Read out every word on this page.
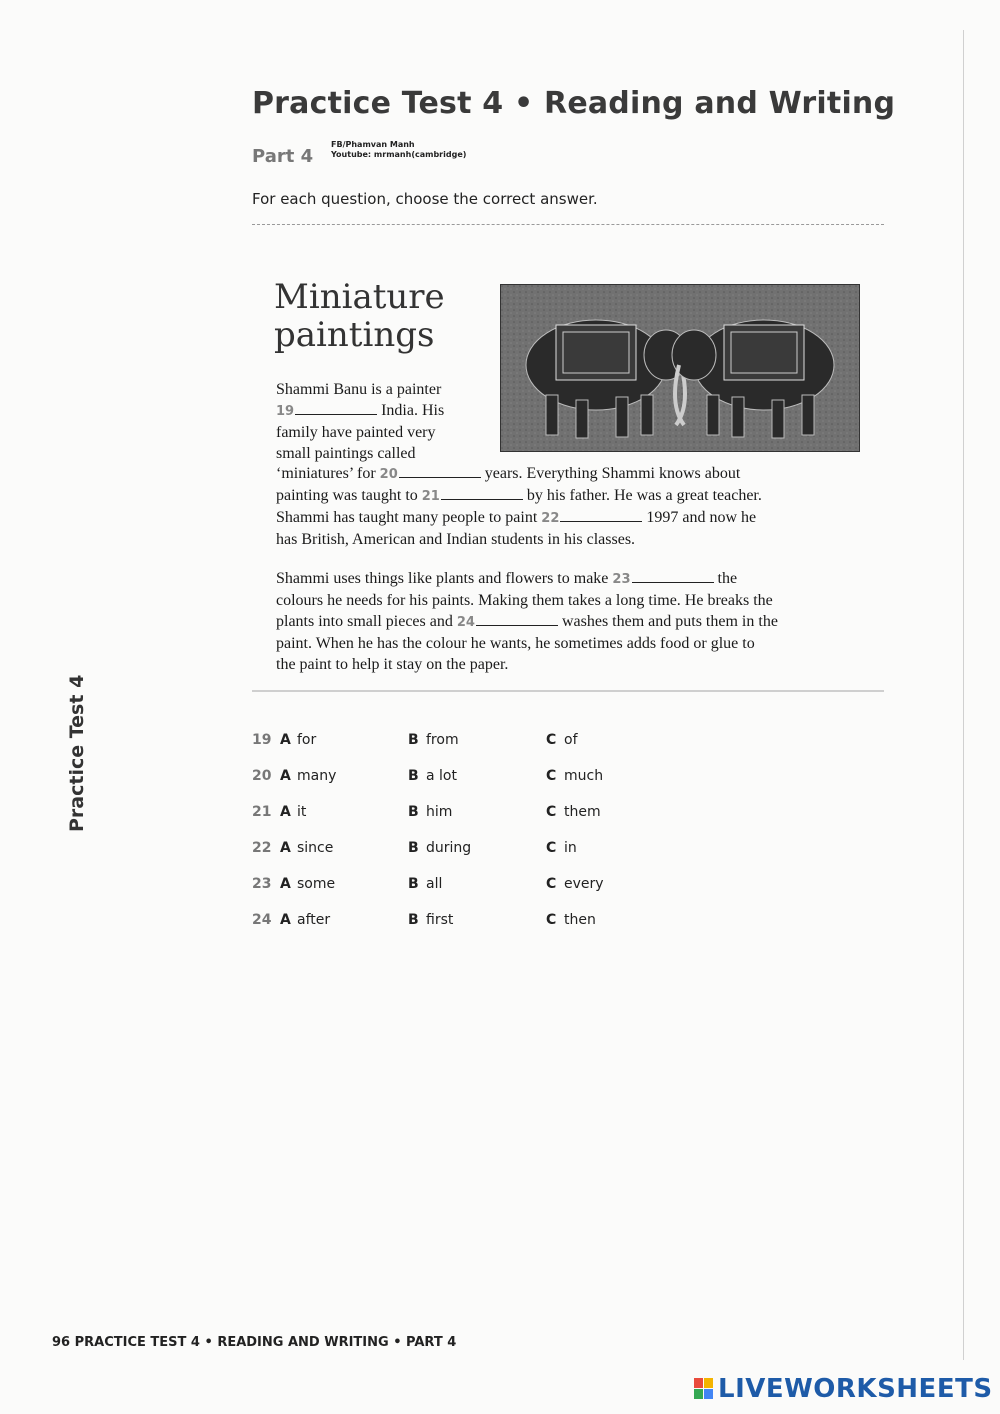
Practice Test 4 • Reading and Writing
Part 4
FB/Phamvan Manh
Youtube: mrmanh(cambridge)
For each question, choose the correct answer.
Miniature
paintings
Shammi Banu is a painter
19	India. His
family have painted very
small paintings called
‘miniatures’ for 20	years. Everything Shammi knows about
painting was taught to 21	by his father. He was a great teacher.
Shammi has taught many people to paint 22	1997 and now he
has British, American and Indian students in his classes.
Shammi uses things like plants and flowers to make 23	the
colours he needs for his paints. Making them takes a long time. He breaks the
plants into small pieces and 24	washes them and puts them in the
paint. When he has the colour he wants, he sometimes adds food or glue to
the paint to help it stay on the paper.
Practice Test 4	19 A for	B from	C of
20 A many	B a lot	C much
21 A it	B him	C them
22 A since	B during	C in
23 A some	B all	C every
24 A after	B first	C then
96 PRACTICE TEST 4 • READING AND WRITING • PART 4
LIVEWORKSHEETS
